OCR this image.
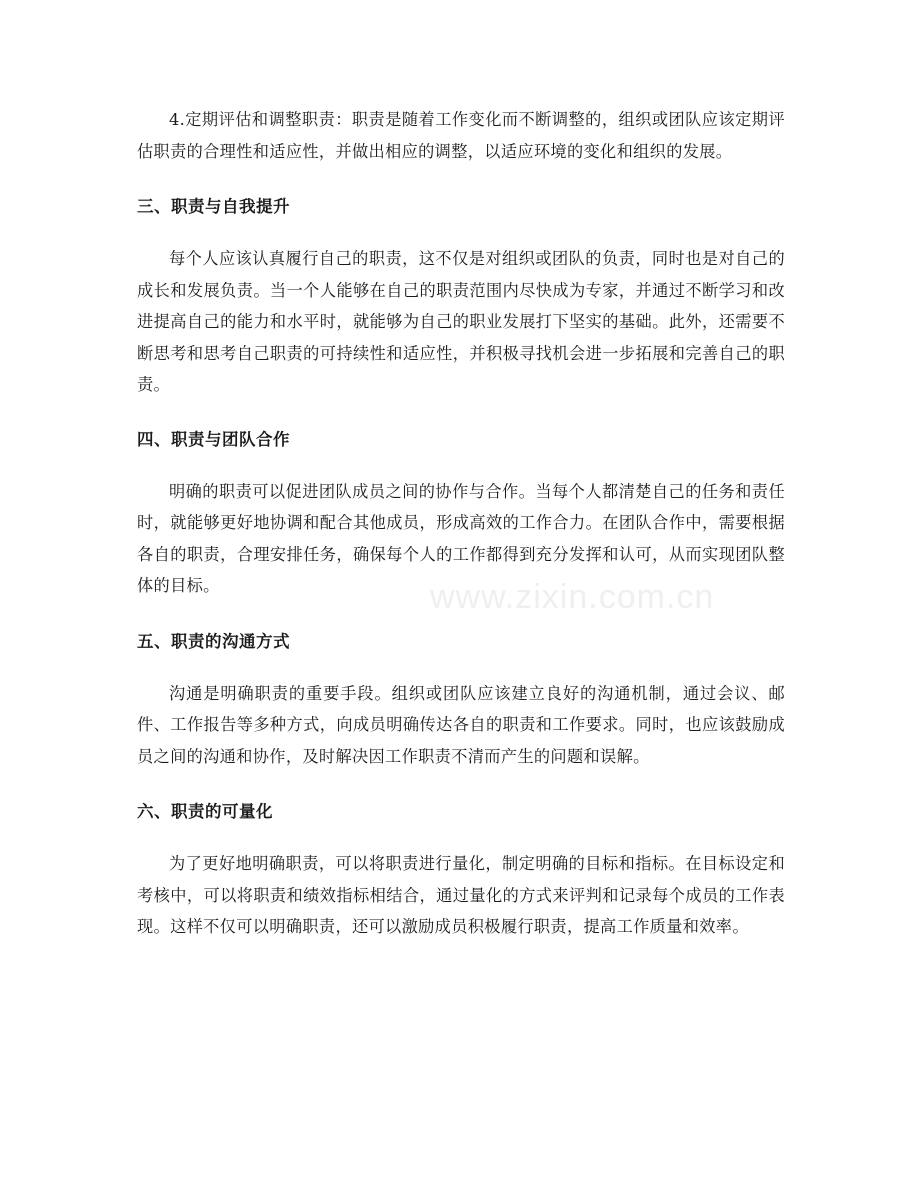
4.定期评估和调整职责：职责是随着工作变化而不断调整的，组织或团队应该定期评估职责的合理性和适应性，并做出相应的调整，以适应环境的变化和组织的发展。

三、职责与自我提升

每个人应该认真履行自己的职责，这不仅是对组织或团队的负责，同时也是对自己的成长和发展负责。当一个人能够在自己的职责范围内尽快成为专家，并通过不断学习和改进提高自己的能力和水平时，就能够为自己的职业发展打下坚实的基础。此外，还需要不断思考和思考自己职责的可持续性和适应性，并积极寻找机会进一步拓展和完善自己的职责。

四、职责与团队合作

明确的职责可以促进团队成员之间的协作与合作。当每个人都清楚自己的任务和责任时，就能够更好地协调和配合其他成员，形成高效的工作合力。在团队合作中，需要根据各自的职责，合理安排任务，确保每个人的工作都得到充分发挥和认可，从而实现团队整体的目标。

五、职责的沟通方式

沟通是明确职责的重要手段。组织或团队应该建立良好的沟通机制，通过会议、邮件、工作报告等多种方式，向成员明确传达各自的职责和工作要求。同时，也应该鼓励成员之间的沟通和协作，及时解决因工作职责不清而产生的问题和误解。

六、职责的可量化

为了更好地明确职责，可以将职责进行量化，制定明确的目标和指标。在目标设定和考核中，可以将职责和绩效指标相结合，通过量化的方式来评判和记录每个成员的工作表现。这样不仅可以明确职责，还可以激励成员积极履行职责，提高工作质量和效率。

www.zixin.com.cn
